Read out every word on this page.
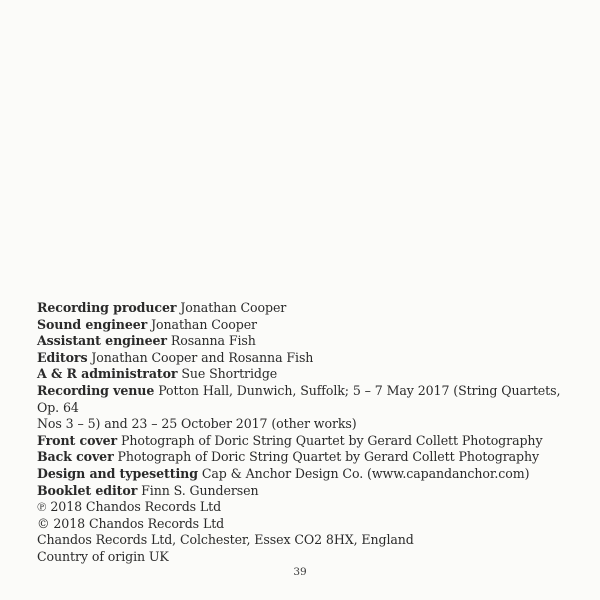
Recording producer Jonathan Cooper

Sound engineer Jonathan Cooper

Assistant engineer Rosanna Fish

Editors Jonathan Cooper and Rosanna Fish

A & R administrator Sue Shortridge

Recording venue Potton Hall, Dunwich, Suffolk; 5 – 7 May 2017 (String Quartets, Op. 64

Nos 3 – 5) and 23 – 25 October 2017 (other works)

Front cover Photograph of Doric String Quartet by Gerard Collett Photography

Back cover Photograph of Doric String Quartet by Gerard Collett Photography

Design and typesetting Cap & Anchor Design Co. (www.capandanchor.com)

Booklet editor Finn S. Gundersen

℗ 2018 Chandos Records Ltd

© 2018 Chandos Records Ltd

Chandos Records Ltd, Colchester, Essex CO2 8HX, England

Country of origin UK

39
